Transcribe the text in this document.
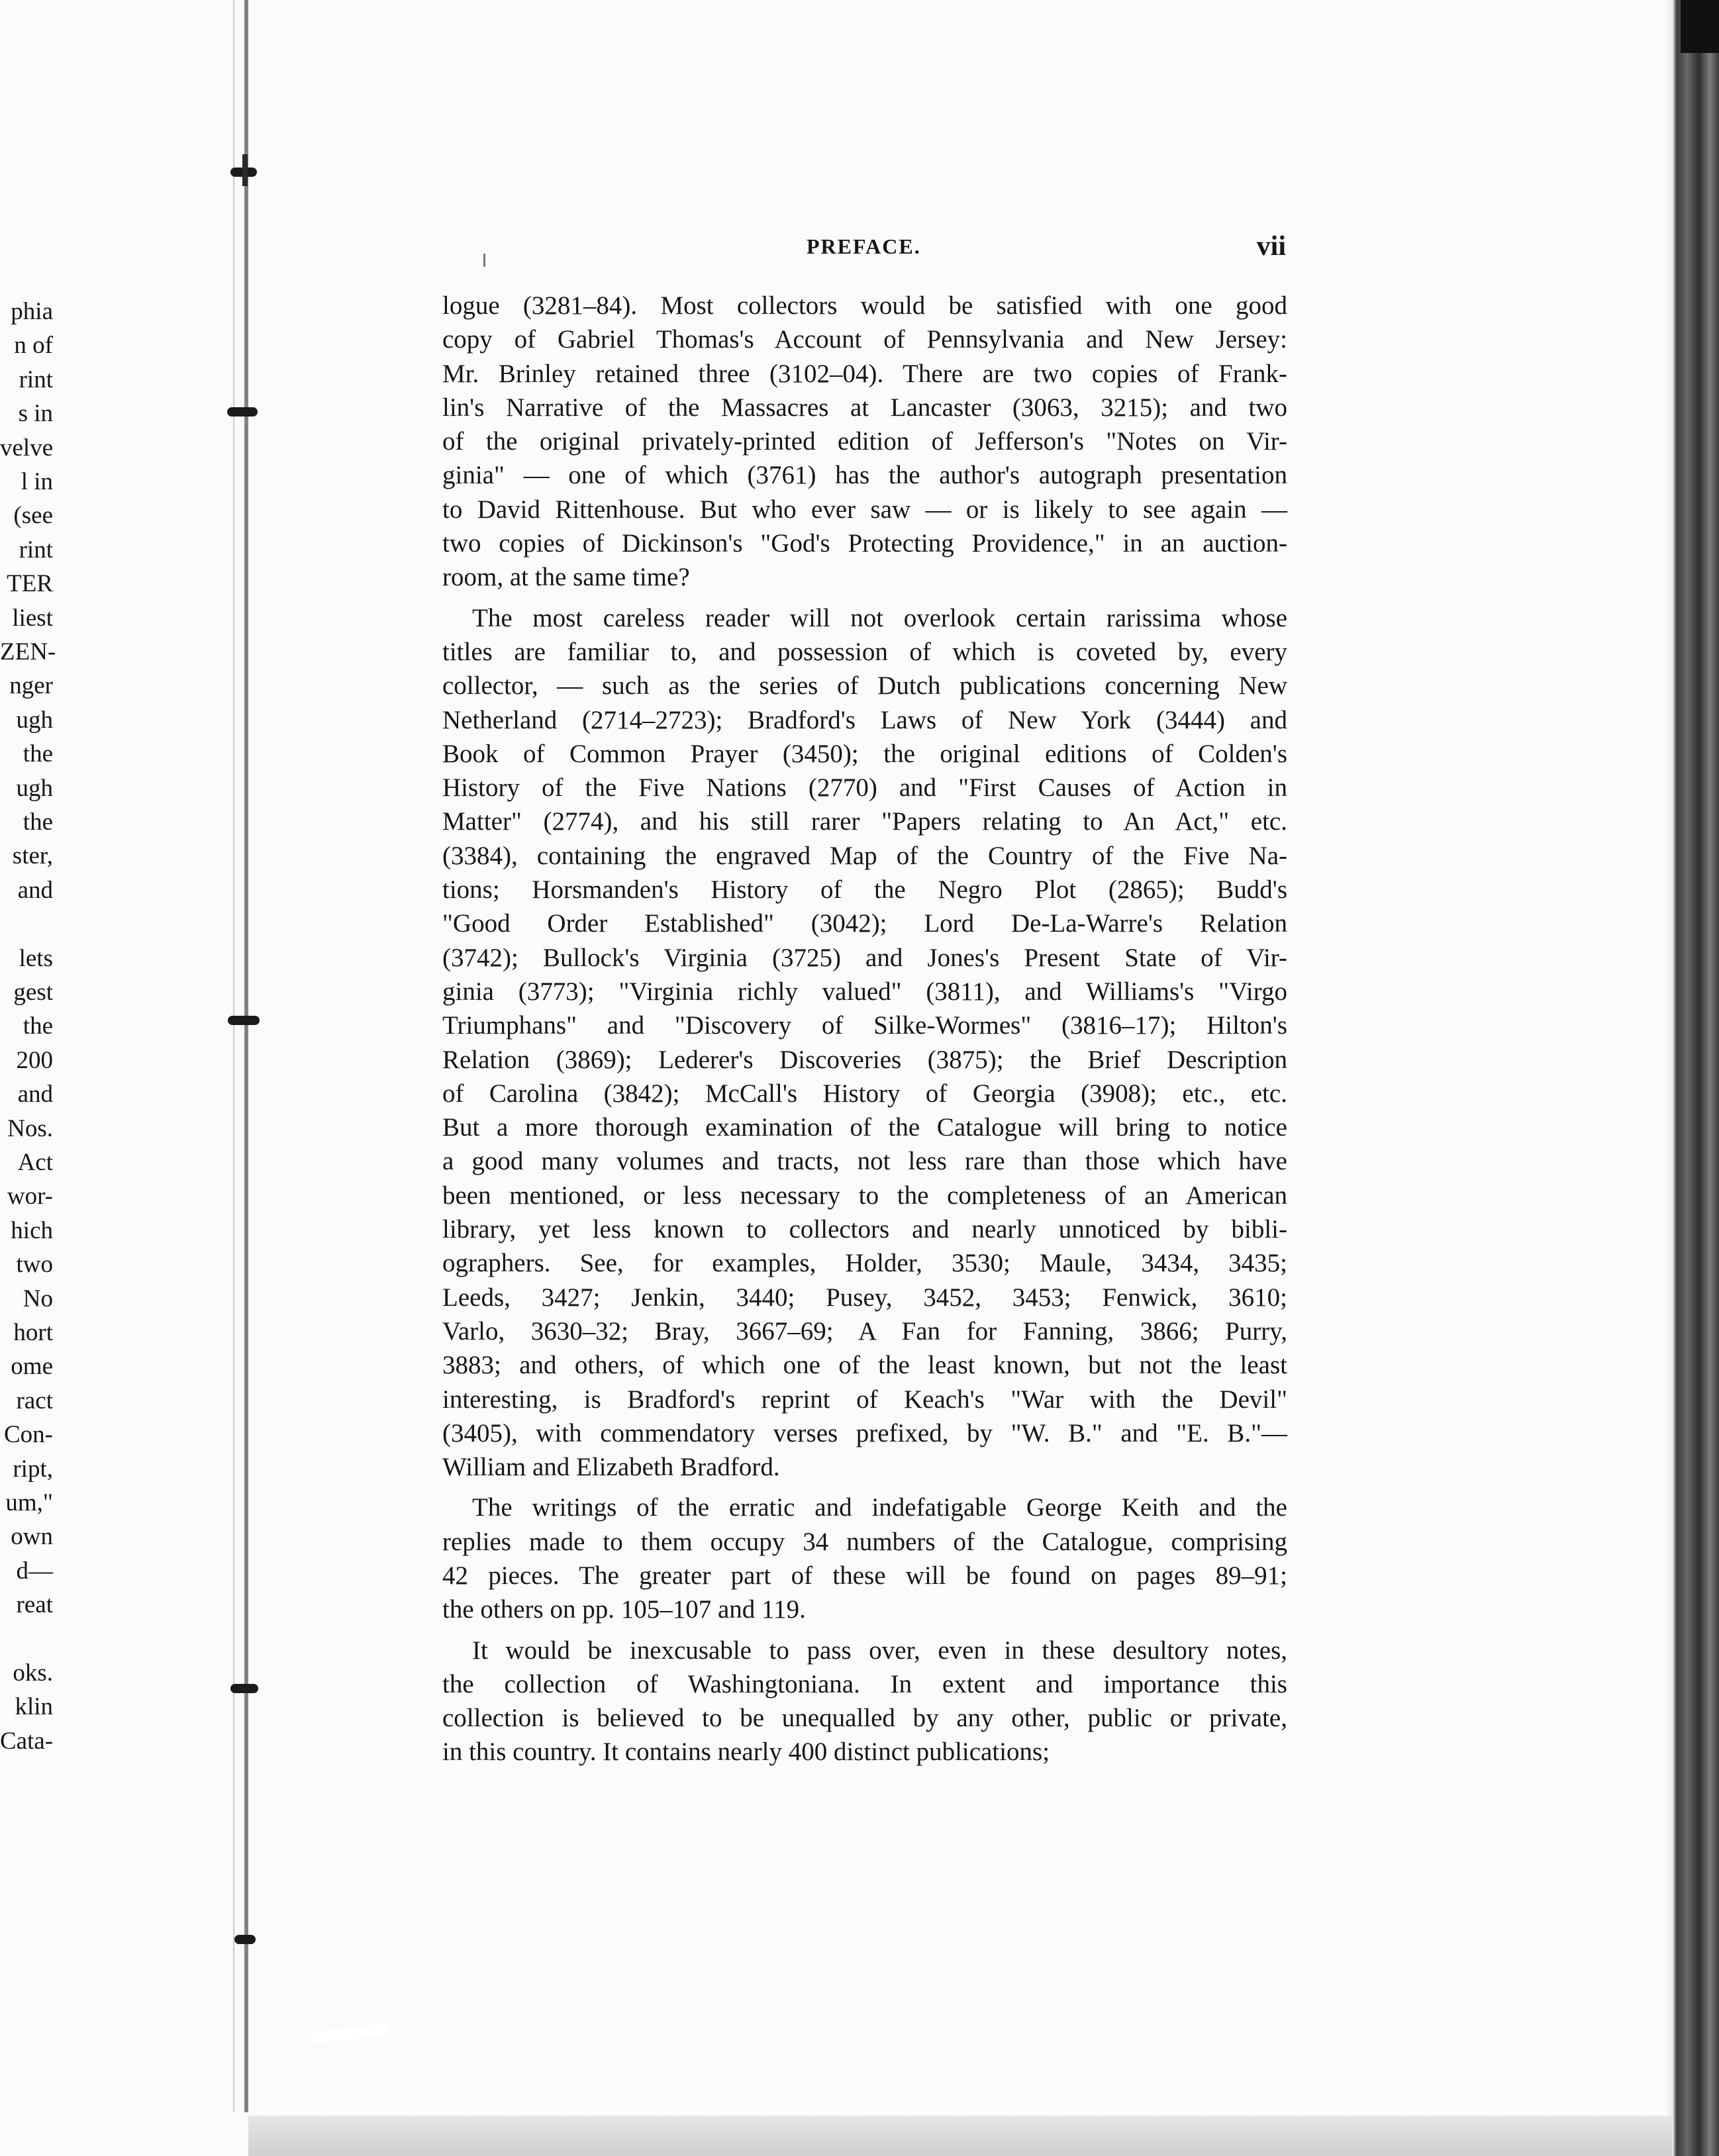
phia
n of
rint
s in
velve
l in
(see
rint
TER
liest
ZEN-
nger
ugh
the
ugh
the
ster,
and
lets
gest
the
200
and
Nos.
Act
wor-
hich
two
No
hort
ome
ract
Con-
ript,
um,"
own
d—
reat
oks.
klin
Cata-
PREFACE.	vii
logue (3281–84). Most collectors would be satisfied with one good
copy of Gabriel Thomas's Account of Pennsylvania and New Jersey:
Mr. Brinley retained three (3102–04). There are two copies of Frank-
lin's Narrative of the Massacres at Lancaster (3063, 3215); and two
of the original privately-printed edition of Jefferson's "Notes on Vir-
ginia" — one of which (3761) has the author's autograph presentation
to David Rittenhouse. But who ever saw — or is likely to see again —
two copies of Dickinson's "God's Protecting Providence," in an auction-
room, at the same time?
The most careless reader will not overlook certain rarissima whose
titles are familiar to, and possession of which is coveted by, every
collector, — such as the series of Dutch publications concerning New
Netherland (2714–2723); Bradford's Laws of New York (3444) and
Book of Common Prayer (3450); the original editions of Colden's
History of the Five Nations (2770) and "First Causes of Action in
Matter" (2774), and his still rarer "Papers relating to An Act," etc.
(3384), containing the engraved Map of the Country of the Five Na-
tions; Horsmanden's History of the Negro Plot (2865); Budd's
"Good Order Established" (3042); Lord De-La-Warre's Relation
(3742); Bullock's Virginia (3725) and Jones's Present State of Vir-
ginia (3773); "Virginia richly valued" (3811), and Williams's "Virgo
Triumphans" and "Discovery of Silke-Wormes" (3816–17); Hilton's
Relation (3869); Lederer's Discoveries (3875); the Brief Description
of Carolina (3842); McCall's History of Georgia (3908); etc., etc.
But a more thorough examination of the Catalogue will bring to notice
a good many volumes and tracts, not less rare than those which have
been mentioned, or less necessary to the completeness of an American
library, yet less known to collectors and nearly unnoticed by bibli-
ographers. See, for examples, Holder, 3530; Maule, 3434, 3435;
Leeds, 3427; Jenkin, 3440; Pusey, 3452, 3453; Fenwick, 3610;
Varlo, 3630–32; Bray, 3667–69; A Fan for Fanning, 3866; Purry,
3883; and others, of which one of the least known, but not the least
interesting, is Bradford's reprint of Keach's "War with the Devil"
(3405), with commendatory verses prefixed, by "W. B." and "E. B."—
William and Elizabeth Bradford.
The writings of the erratic and indefatigable George Keith and the
replies made to them occupy 34 numbers of the Catalogue, comprising
42 pieces. The greater part of these will be found on pages 89–91;
the others on pp. 105–107 and 119.
It would be inexcusable to pass over, even in these desultory notes,
the collection of Washingtoniana. In extent and importance this
collection is believed to be unequalled by any other, public or private,
in this country. It contains nearly 400 distinct publications;
